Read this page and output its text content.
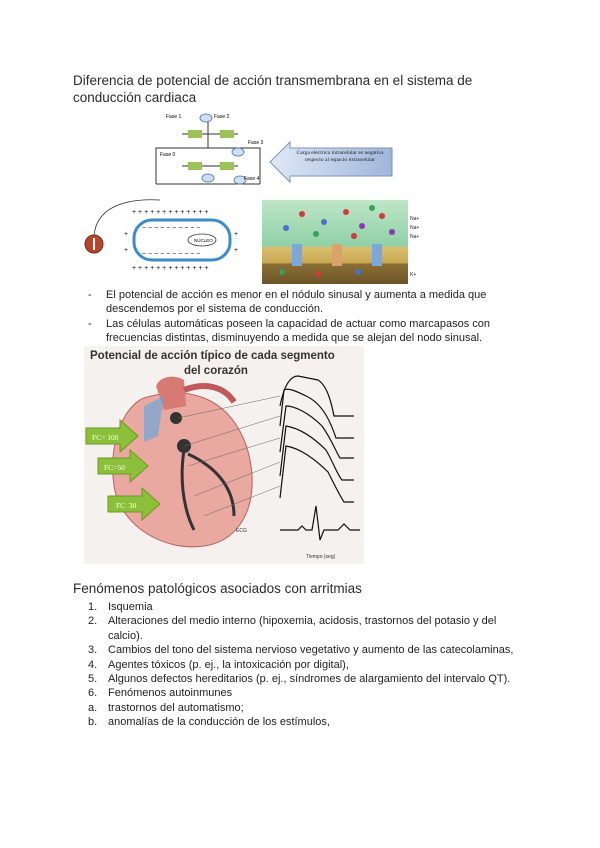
Diferencia de potencial de acción transmembrana en el sistema de conducción cardiaca
Fase 1	Fase 2
Fase 0
Fase 3
Fase 4
Carga eléctrica intracelular es negativa respecto al espacio extracelular
NÚCLEO
+ + + + + + + + + + + + +
+ + + + + + + + + + + + +
+
+
+
+
− − − − − − − − − −
− − − − − − − − − −
Na+
Na+
Na+
K+
- El potencial de acción es menor en el nódulo sinusal y aumenta a medida que descendemos por el sistema de conducción.
- Las células automáticas poseen la capacidad de actuar como marcapasos con frecuencias distintas, disminuyendo a medida que se alejan del nodo sinusal.
Potencial de acción típico de cada segmento
del corazón
ECG
Tiempo (seg)
FC= 100
FC=50
FC  30
Fenómenos patológicos asociados con arritmias
1. Isquemia
2. Alteraciones del medio interno (hipoxemia, acidosis, trastornos del potasio y del calcio).
3. Cambios del tono del sistema nervioso vegetativo y aumento de las catecolaminas,
4. Agentes tóxicos (p. ej., la intoxicación por digital),
5. Algunos defectos hereditarios (p. ej., síndromes de alargamiento del intervalo QT).
6. Fenómenos autoinmunes
a. trastornos del automatismo;
b. anomalías de la conducción de los estímulos,
